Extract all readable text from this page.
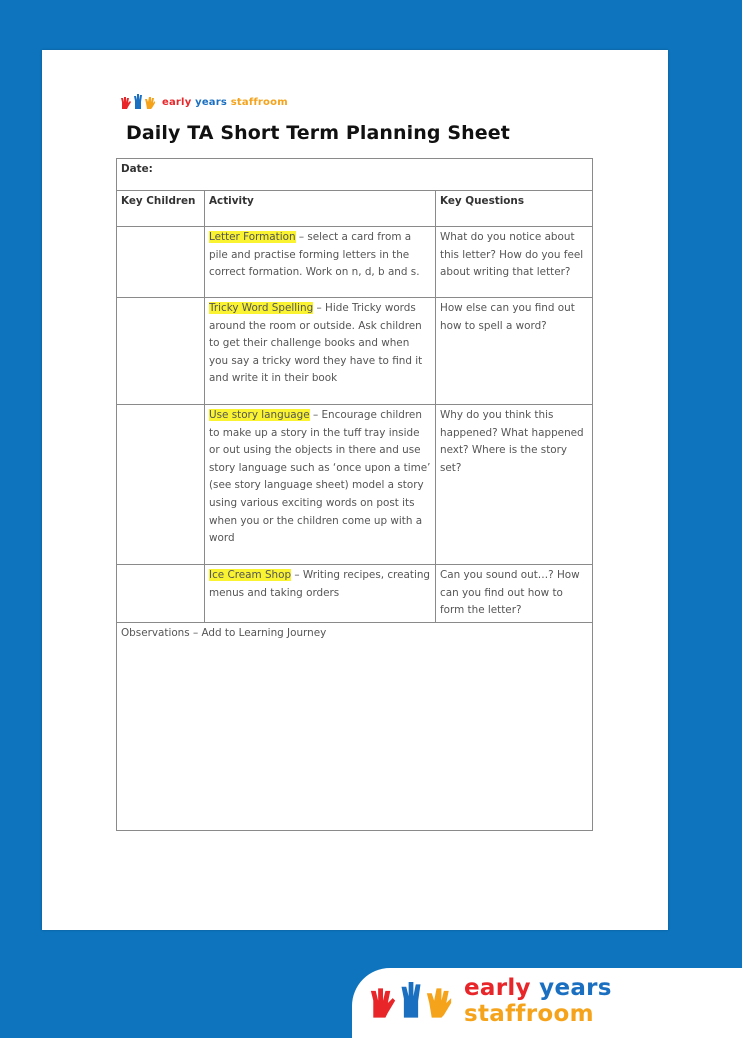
early years staffroom
Daily TA Short Term Planning Sheet
Date:		
Key Children	Activity	Key Questions
	Letter Formation – select a card from a pile and practise forming letters in the correct formation. Work on n, d, b and s.	What do you notice about this letter? How do you feel about writing that letter?
	Tricky Word Spelling – Hide Tricky words around the room or outside. Ask children to get their challenge books and when you say a tricky word they have to find it and write it in their book	How else can you find out how to spell a word?
	Use story language – Encourage children to make up a story in the tuff tray inside or out using the objects in there and use story language such as ‘once upon a time’ (see story language sheet) model a story using various exciting words on post its when you or the children come up with a word	Why do you think this happened? What happened next? Where is the story set?
	Ice Cream Shop – Writing recipes, creating menus and taking orders	Can you sound out…? How can you find out how to form the letter?
Observations – Add to Learning Journey		
early years staffroom
